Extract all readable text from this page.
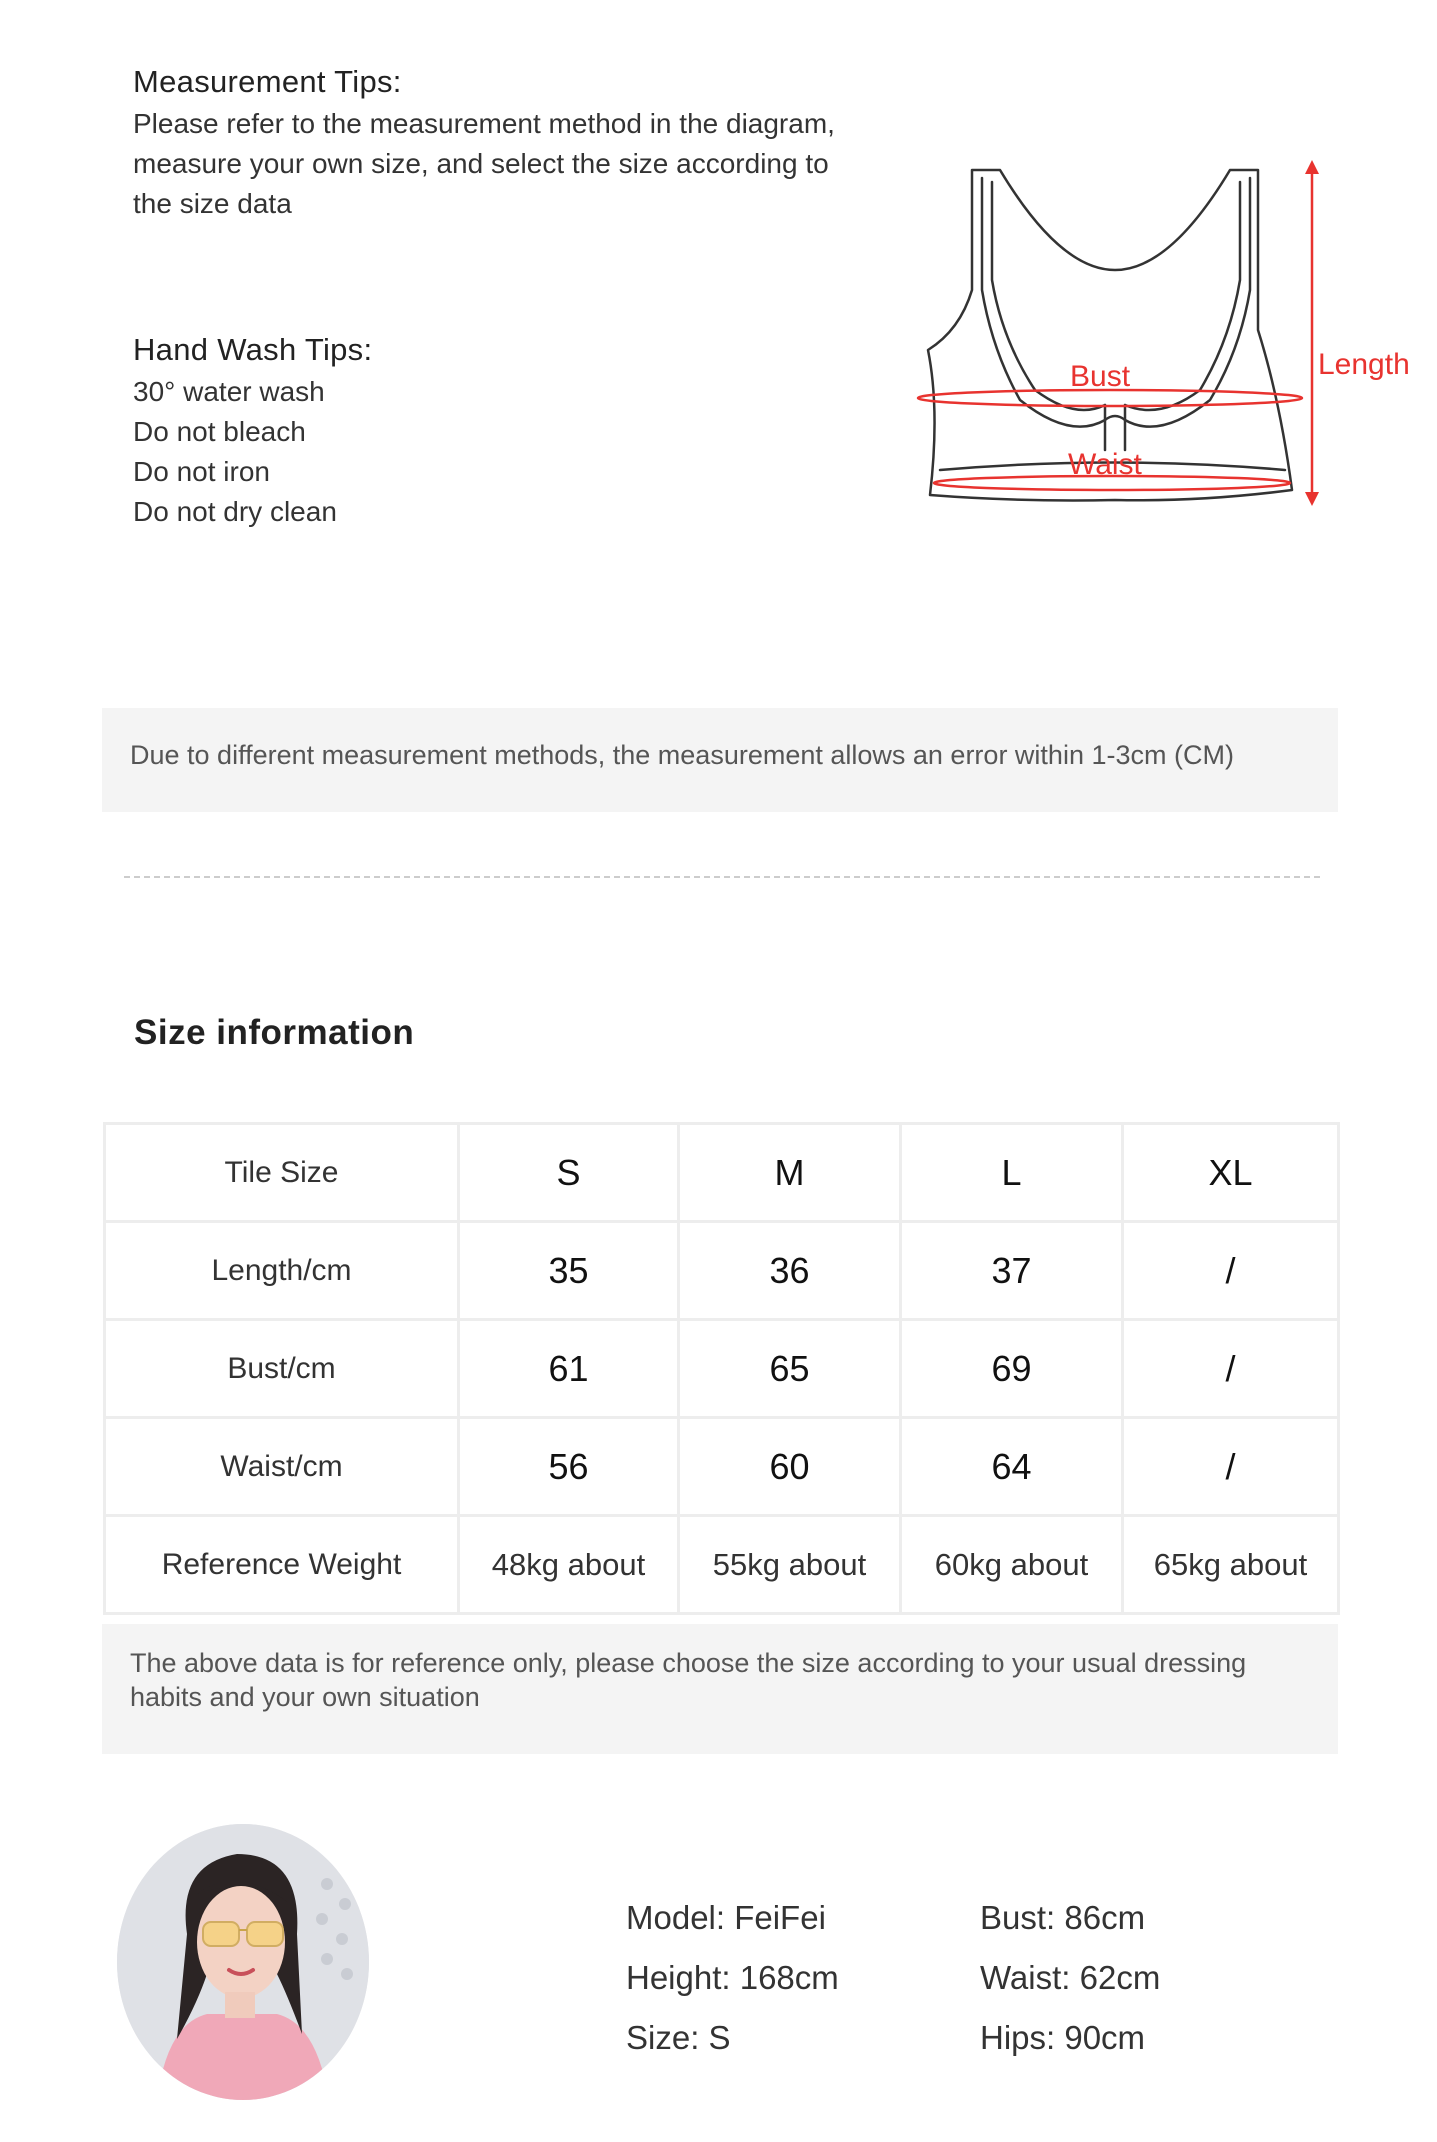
Measurement Tips:
Please refer to the measurement method in the diagram,
measure your own size, and select the size according to
the size data
Hand Wash Tips:
30° water wash
Do not bleach
Do not iron
Do not dry clean
Bust
Waist
Length
Due to different measurement methods, the measurement allows an error within 1-3cm (CM)
Size information
Tile Size	S	M	L	XL
Length/cm	35	36	37	/
Bust/cm	61	65	69	/
Waist/cm	56	60	64	/
Reference Weight	48kg about	55kg about	60kg about	65kg about
The above data is for reference only, please choose the size according to your usual dressing
habits and your own situation
Model: FeiFei
Height: 168cm
Size: S
Bust: 86cm
Waist: 62cm
Hips: 90cm
